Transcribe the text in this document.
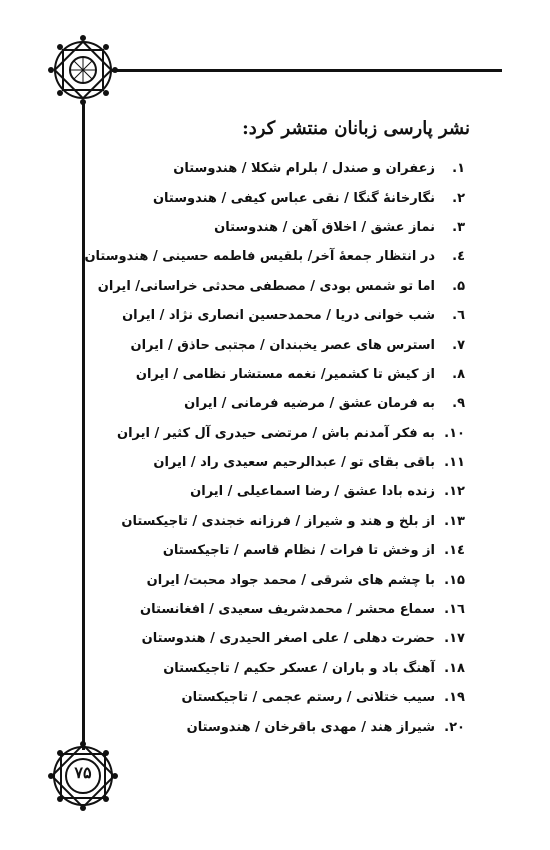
۷۵
نشر پارسی زبانان منتشر کرد:
۱.
زعفران و صندل / بلرام شکلا / هندوستان
۲.
نگارخانهٔ گنگا / نقی عباس کیفی / هندوستان
۳.
نماز عشق / اخلاق آهن / هندوستان
٤.
در انتظار جمعهٔ آخر/ بلقیس فاطمه حسینی / هندوستان
۵.
اما تو شمس بودی / مصطفی محدثی خراسانی/ ایران
٦.
شب خوانی دریا / محمدحسین انصاری نژاد / ایران
۷.
استرس های عصر یخبندان / مجتبی حاذق / ایران
۸.
از کیش تا کشمیر/ نغمه مستشار نظامی / ایران
۹.
به فرمان عشق / مرضیه فرمانی / ایران
۱۰.
به فکر آمدنم باش / مرتضی حیدری آل کثیر / ایران
۱۱.
باقی بقای تو / عبدالرحیم سعیدی راد / ایران
۱۲.
زنده بادا عشق / رضا اسماعیلی / ایران
۱۳.
از بلخ و هند و شیراز / فرزانه خجندی / تاجیکستان
۱٤.
از وخش تا فرات / نظام قاسم / تاجیکستان
۱۵.
با چشم های شرقی / محمد جواد محبت/ ایران
۱٦.
سماع محشر / محمدشریف سعیدی / افغانستان
۱۷.
حضرت دهلی / علی اصغر الحیدری / هندوستان
۱۸.
آهنگ باد و باران / عسکر حکیم / تاجیکستان
۱۹.
سیب ختلانی / رستم عجمی / تاجیکستان
۲۰.
شیراز هند / مهدی باقرخان / هندوستان
